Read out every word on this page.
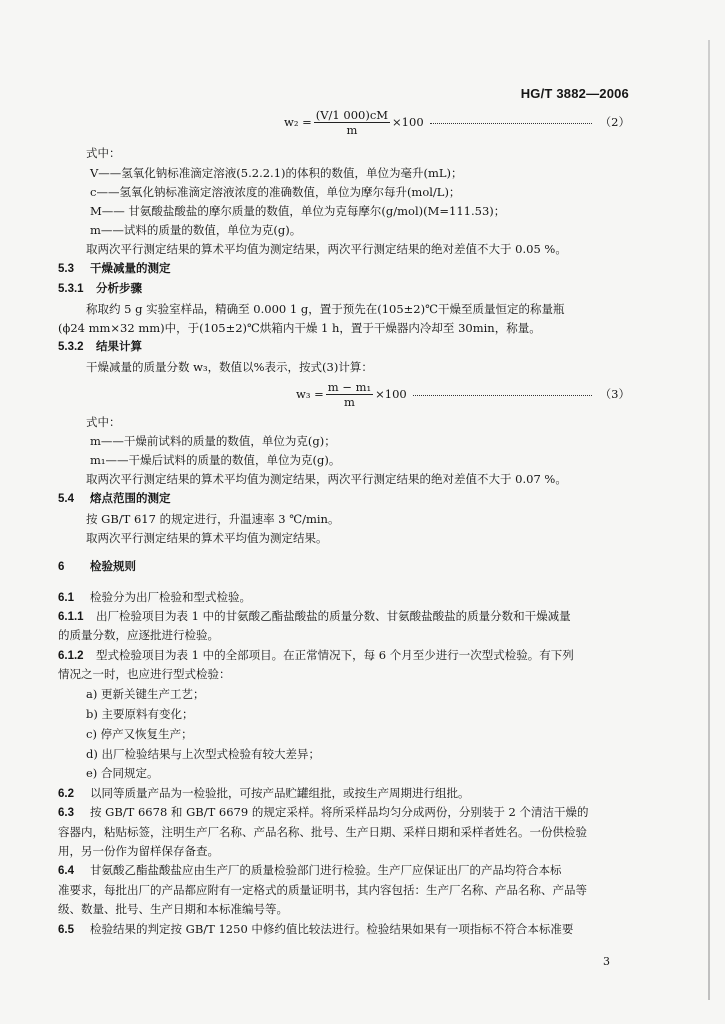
HG/T 3882—2006
$w_2 = \frac{(V/1 000)cM}{m} \times 100$	（2）
式中：
V——氢氧化钠标准滴定溶液(5.2.2.1)的体积的数值，单位为毫升(mL)；
c——氢氧化钠标准滴定溶液浓度的准确数值，单位为摩尔每升(mol/L)；
M—— 甘氨酸盐酸盐的摩尔质量的数值，单位为克每摩尔(g/mol)(M=111.53)；
m——试料的质量的数值，单位为克(g)。
取两次平行测定结果的算术平均值为测定结果，两次平行测定结果的绝对差值不大于 0.05 %。
5.3 干燥减量的测定
5.3.1 分析步骤
称取约 5 g 实验室样品，精确至 0.000 1 g，置于预先在(105±2)℃干燥至质量恒定的称量瓶
(ϕ24 mm×32 mm)中，于(105±2)℃烘箱内干燥 1 h，置于干燥器内冷却至 30min，称量。
5.3.2 结果计算
干燥减量的质量分数 w₃，数值以%表示，按式(3)计算：
$w_3 = \frac{\text{m − m₁}}{m} \times 100$	（3）
式中：
m——干燥前试料的质量的数值，单位为克(g)；
m₁——干燥后试料的质量的数值，单位为克(g)。
取两次平行测定结果的算术平均值为测定结果，两次平行测定结果的绝对差值不大于 0.07 %。
5.4 熔点范围的测定
按 GB/T 617 的规定进行，升温速率 3 ℃/min。
取两次平行测定结果的算术平均值为测定结果。
6 检验规则
6.1 检验分为出厂检验和型式检验。
6.1.1 出厂检验项目为表 1 中的甘氨酸乙酯盐酸盐的质量分数、甘氨酸盐酸盐的质量分数和干燥减量
的质量分数，应逐批进行检验。
6.1.2 型式检验项目为表 1 中的全部项目。在正常情况下，每 6 个月至少进行一次型式检验。有下列
情况之一时，也应进行型式检验：
a) 更新关键生产工艺；
b) 主要原料有变化；
c) 停产又恢复生产；
d) 出厂检验结果与上次型式检验有较大差异；
e) 合同规定。
6.2 以同等质量产品为一检验批，可按产品贮罐组批，或按生产周期进行组批。
6.3 按 GB/T 6678 和 GB/T 6679 的规定采样。将所采样品均匀分成两份，分别装于 2 个清洁干燥的
容器内，粘贴标签，注明生产厂名称、产品名称、批号、生产日期、采样日期和采样者姓名。一份供检验
用，另一份作为留样保存备查。
6.4 甘氨酸乙酯盐酸盐应由生产厂的质量检验部门进行检验。生产厂应保证出厂的产品均符合本标
准要求，每批出厂的产品都应附有一定格式的质量证明书，其内容包括：生产厂名称、产品名称、产品等
级、数量、批号、生产日期和本标准编号等。
6.5 检验结果的判定按 GB/T 1250 中修约值比较法进行。检验结果如果有一项指标不符合本标准要
3
